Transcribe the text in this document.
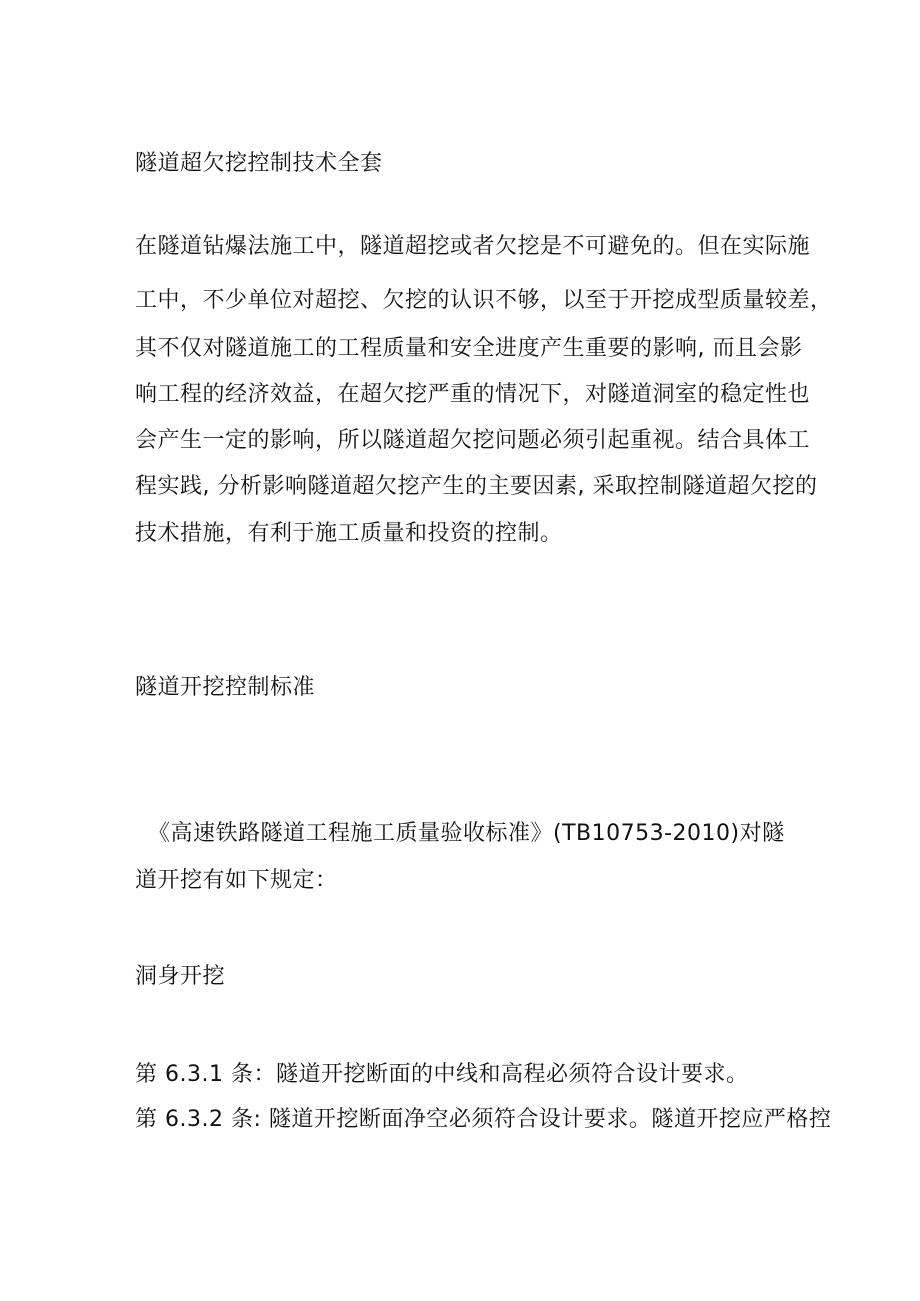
隧道超欠挖控制技术全套
在隧道钻爆法施工中，隧道超挖或者欠挖是不可避免的。但在实际施
工中，不少单位对超挖、欠挖的认识不够，以至于开挖成型质量较差，
其不仅对隧道施工的工程质量和安全进度产生重要的影响, 而且会影
响工程的经济效益，在超欠挖严重的情况下，对隧道洞室的稳定性也
会产生一定的影响，所以隧道超欠挖问题必须引起重视。结合具体工
程实践, 分析影响隧道超欠挖产生的主要因素, 采取控制隧道超欠挖的
技术措施，有利于施工质量和投资的控制。
隧道开挖控制标准
《高速铁路隧道工程施工质量验收标准》(TB10753-2010)对隧
道开挖有如下规定：
洞身开挖
第 6.3.1 条：隧道开挖断面的中线和高程必须符合设计要求。
第 6.3.2 条: 隧道开挖断面净空必须符合设计要求。隧道开挖应严格控
